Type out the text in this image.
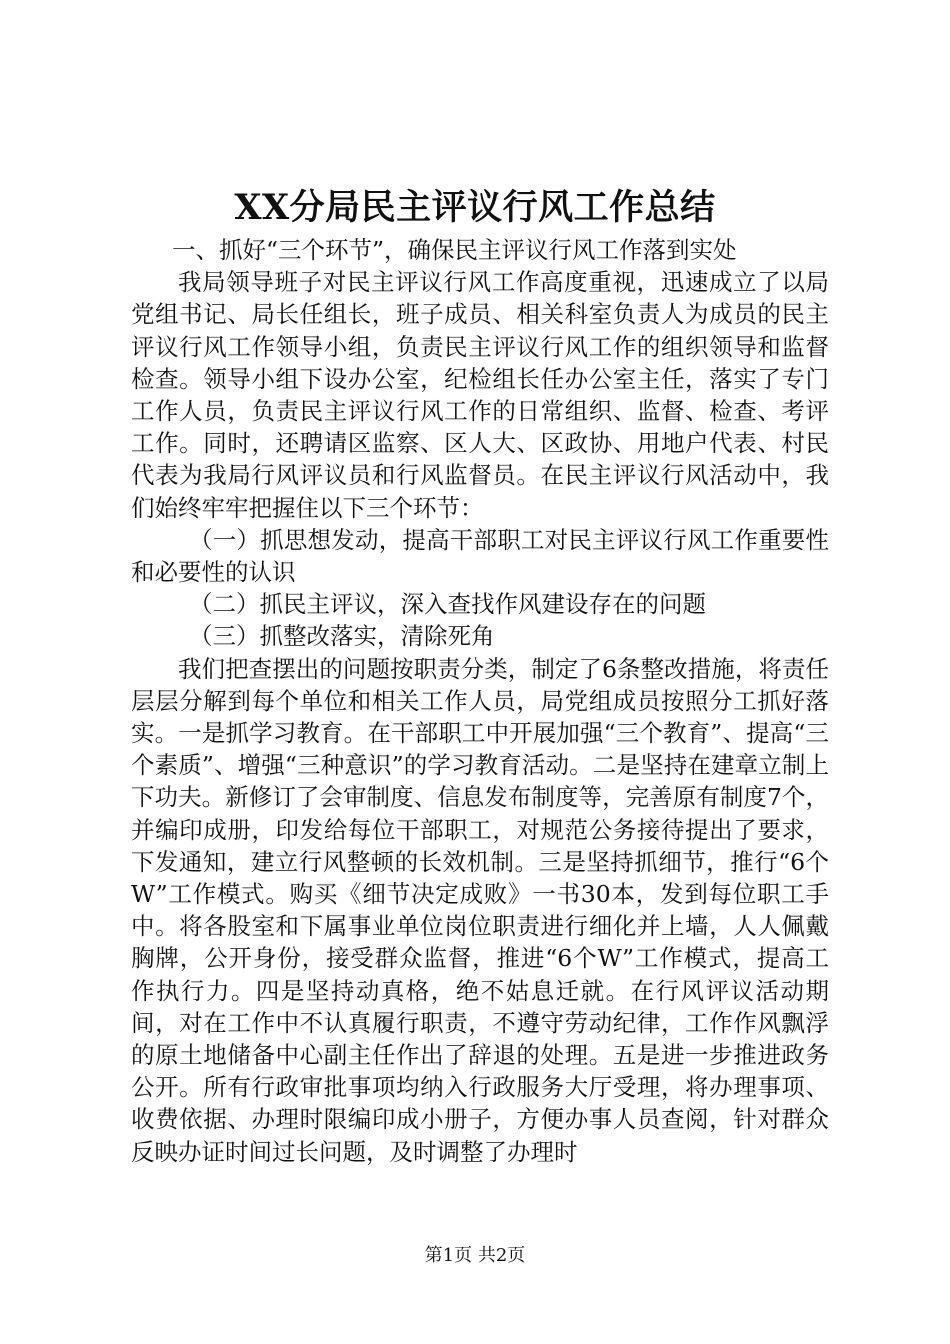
XX分局民主评议行风工作总结

一、抓好“三个环节”，确保民主评议行风工作落到实处

我局领导班子对民主评议行风工作高度重视，迅速成立了以局党组书记、局长任组长，班子成员、相关科室负责人为成员的民主评议行风工作领导小组，负责民主评议行风工作的组织领导和监督检查。领导小组下设办公室，纪检组长任办公室主任，落实了专门工作人员，负责民主评议行风工作的日常组织、监督、检查、考评工作。同时，还聘请区监察、区人大、区政协、用地户代表、村民代表为我局行风评议员和行风监督员。在民主评议行风活动中，我们始终牢牢把握住以下三个环节：

（一）抓思想发动，提高干部职工对民主评议行风工作重要性和必要性的认识

（二）抓民主评议，深入查找作风建设存在的问题

（三）抓整改落实，清除死角

我们把查摆出的问题按职责分类，制定了6条整改措施，将责任层层分解到每个单位和相关工作人员，局党组成员按照分工抓好落实。一是抓学习教育。在干部职工中开展加强“三个教育”、提高“三个素质”、增强“三种意识”的学习教育活动。二是坚持在建章立制上下功夫。新修订了会审制度、信息发布制度等，完善原有制度7个，并编印成册，印发给每位干部职工，对规范公务接待提出了要求，下发通知，建立行风整顿的长效机制。三是坚持抓细节，推行“6个W”工作模式。购买《细节决定成败》一书30本，发到每位职工手中。将各股室和下属事业单位岗位职责进行细化并上墙，人人佩戴胸牌，公开身份，接受群众监督，推进“6个W”工作模式，提高工作执行力。四是坚持动真格，绝不姑息迁就。在行风评议活动期间，对在工作中不认真履行职责，不遵守劳动纪律，工作作风飘浮的原土地储备中心副主任作出了辞退的处理。五是进一步推进政务公开。所有行政审批事项均纳入行政服务大厅受理，将办理事项、收费依据、办理时限编印成小册子，方便办事人员查阅，针对群众反映办证时间过长问题，及时调整了办理时

第1页 共2页
